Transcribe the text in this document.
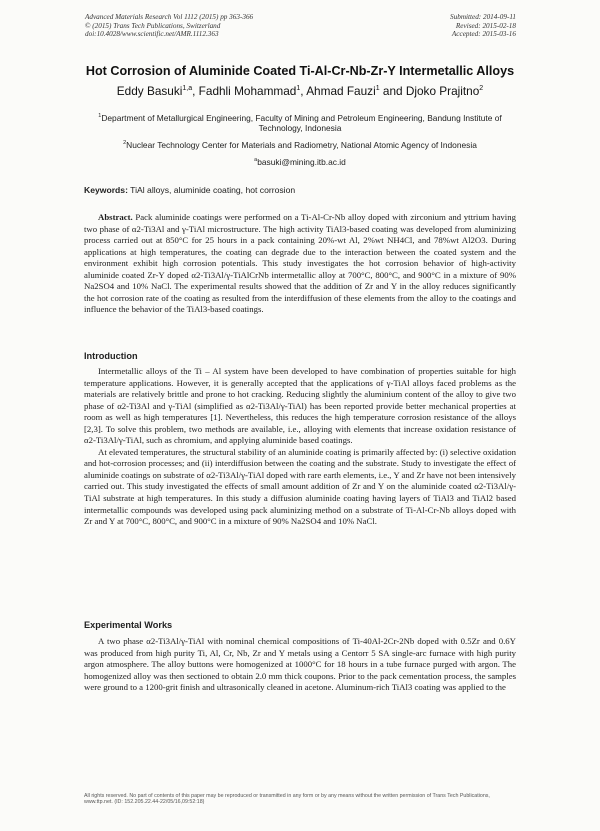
Advanced Materials Research Vol 1112 (2015) pp 363-366
© (2015) Trans Tech Publications, Switzerland
doi:10.4028/www.scientific.net/AMR.1112.363
Submitted: 2014-09-11
Revised: 2015-02-18
Accepted: 2015-03-16
Hot Corrosion of Aluminide Coated Ti-Al-Cr-Nb-Zr-Y Intermetallic Alloys
Eddy Basuki$^{1,a}$, Fadhli Mohammad$^1$, Ahmad Fauzi$^1$ and Djoko Prajitno$^2$
$^1$Department of Metallurgical Engineering, Faculty of Mining and Petroleum Engineering, Bandung Institute of Technology, Indonesia
$^2$Nuclear Technology Center for Materials and Radiometry, National Atomic Agency of Indonesia
$^a$basuki@mining.itb.ac.id
Keywords: TiAl alloys, aluminide coating, hot corrosion

Abstract. Pack aluminide coatings were performed on a Ti-Al-Cr-Nb alloy doped with zirconium and yttrium having two phase of α2-Ti3Al and γ-TiAl microstructure. The high activity TiAl3-based coating was developed from aluminizing process carried out at 850°C for 25 hours in a pack containing 20%-wt Al, 2%wt NH4Cl, and 78%wt Al2O3. During applications at high temperatures, the coating can degrade due to the interaction between the coated system and the environment exhibit high corrosion potentials. This study investigates the hot corrosion behavior of high-activity aluminide coated Zr-Y doped α2-Ti3Al/γ-TiAlCrNb intermetallic alloy at 700°C, 800°C, and 900°C in a mixture of 90% Na2SO4 and 10% NaCl. The experimental results showed that the addition of Zr and Y in the alloy reduces significantly the hot corrosion rate of the coating as resulted from the interdiffusion of these elements from the alloy to the coatings and influence the behavior of the TiAl3-based coatings.

Introduction

Intermetallic alloys of the Ti – Al system have been developed to have combination of properties suitable for high temperature applications. However, it is generally accepted that the applications of γ-TiAl alloys faced problems as the materials are relatively brittle and prone to hot cracking. Reducing slightly the aluminium content of the alloy to give two phase of α2-Ti3Al and γ-TiAl (simplified as α2-Ti3Al/γ-TiAl) has been reported provide better mechanical properties at room as well as high temperatures [1]. Nevertheless, this reduces the high temperature corrosion resistance of the alloys [2,3]. To solve this problem, two methods are available, i.e., alloying with elements that increase oxidation resistance of α2-Ti3Al/γ-TiAl, such as chromium, and applying aluminide based coatings.

At elevated temperatures, the structural stability of an aluminide coating is primarily affected by: (i) selective oxidation and hot-corrosion processes; and (ii) interdiffusion between the coating and the substrate. Study to investigate the effect of aluminide coatings on substrate of α2-Ti3Al/γ-TiAl doped with rare earth elements, i.e., Y and Zr have not been intensively carried out. This study investigated the effects of small amount addition of Zr and Y on the aluminide coated α2-Ti3Al/γ-TiAl substrate at high temperatures. In this study a diffusion aluminide coating having layers of TiAl3 and TiAl2 based intermetallic compounds was developed using pack aluminizing method on a substrate of Ti-Al-Cr-Nb alloys doped with Zr and Y at 700°C, 800°C, and 900°C in a mixture of 90% Na2SO4 and 10% NaCl.

Experimental Works

A two phase α2-Ti3Al/γ-TiAl with nominal chemical compositions of Ti-40Al-2Cr-2Nb doped with 0.5Zr and 0.6Y was produced from high purity Ti, Al, Cr, Nb, Zr and Y metals using a Centorr 5 SA single-arc furnace with high purity argon atmosphere. The alloy buttons were homogenized at 1000°C for 18 hours in a tube furnace purged with argon. The homogenized alloy was then sectioned to obtain 2.0 mm thick coupons. Prior to the pack cementation process, the samples were ground to a 1200-grit finish and ultrasonically cleaned in acetone. Aluminum-rich TiAl3 coating was applied to the

All rights reserved. No part of contents of this paper may be reproduced or transmitted in any form or by any means without the written permission of Trans Tech Publications, www.ttp.net. (ID: 152.205.22.44-22/05/16,09:52:18)
